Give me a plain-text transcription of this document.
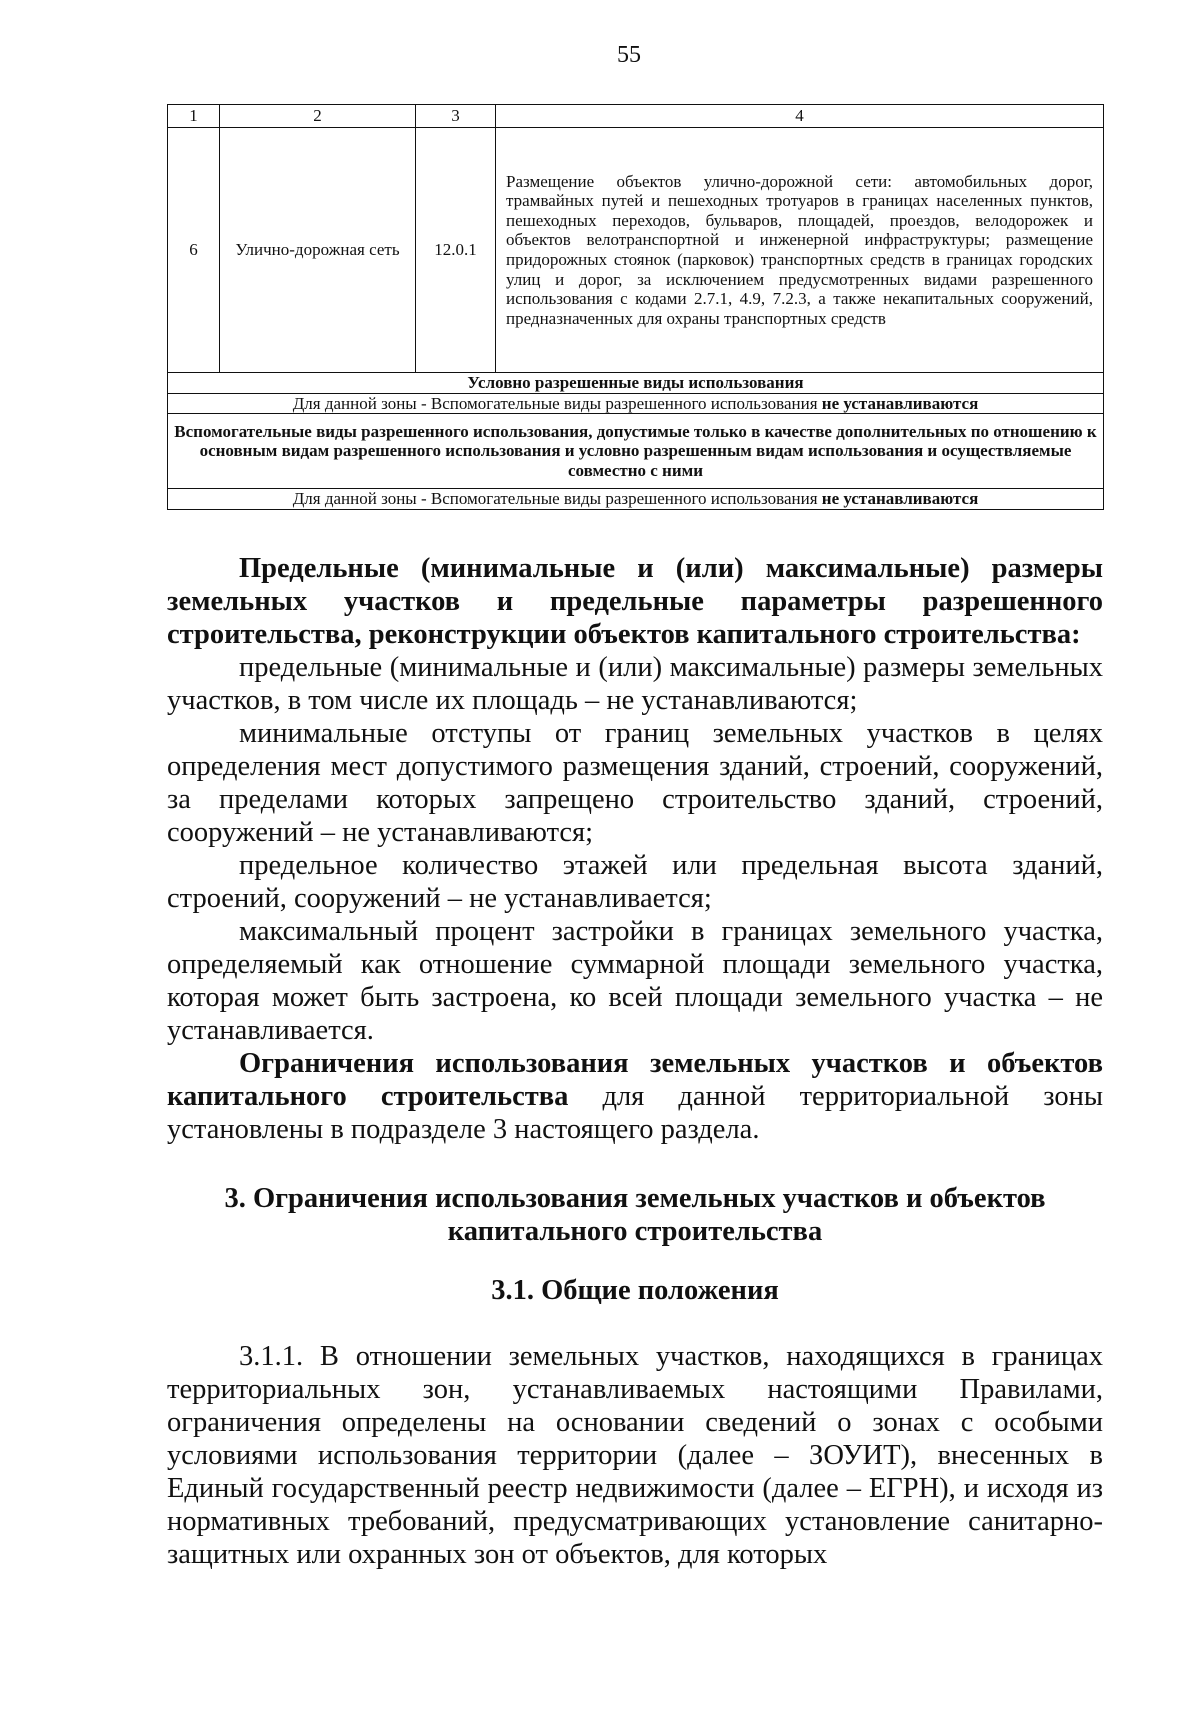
55
1	2	3	4
6	Улично-дорожная сеть	12.0.1	Размещение объектов улично-дорожной сети: автомобильных дорог, трамвайных путей и пешеходных тротуаров в границах населенных пунктов, пешеходных переходов, бульваров, площадей, проездов, велодорожек и объектов велотранспортной и инженерной инфраструктуры; размещение придорожных стоянок (парковок) транспортных средств в границах городских улиц и дорог, за исключением предусмотренных видами разрешенного использования с кодами 2.7.1, 4.9, 7.2.3, а также некапитальных сооружений, предназначенных для охраны транспортных средств
Условно разрешенные виды использования			
Для данной зоны - Вспомогательные виды разрешенного использования не устанавливаются			
Вспомогательные виды разрешенного использования, допустимые только в качестве дополнительных по отношению к основным видам разрешенного использования и условно разрешенным видам использования и осуществляемые совместно с ними			
Для данной зоны - Вспомогательные виды разрешенного использования не устанавливаются			

Предельные (минимальные и (или) максимальные) размеры земельных участков и предельные параметры разрешенного строительства, реконструкции объектов капитального строительства:

предельные (минимальные и (или) максимальные) размеры земельных участков, в том числе их площадь – не устанавливаются;

минимальные отступы от границ земельных участков в целях определения мест допустимого размещения зданий, строений, сооружений, за пределами которых запрещено строительство зданий, строений, сооружений – не устанавливаются;

предельное количество этажей или предельная высота зданий, строений, сооружений – не устанавливается;

максимальный процент застройки в границах земельного участка, определяемый как отношение суммарной площади земельного участка, которая может быть застроена, ко всей площади земельного участка – не устанавливается.

Ограничения использования земельных участков и объектов капитального строительства для данной территориальной зоны установлены в подразделе 3 настоящего раздела.

3. Ограничения использования земельных участков и объектов

капитального строительства

3.1. Общие положения

3.1.1. В отношении земельных участков, находящихся в границах территориальных зон, устанавливаемых настоящими Правилами, ограничения определены на основании сведений о зонах с особыми условиями использования территории (далее – ЗОУИТ), внесенных в Единый государственный реестр недвижимости (далее – ЕГРН), и исходя из нормативных требований, предусматривающих установление санитарно-защитных или охранных зон от объектов, для которых
